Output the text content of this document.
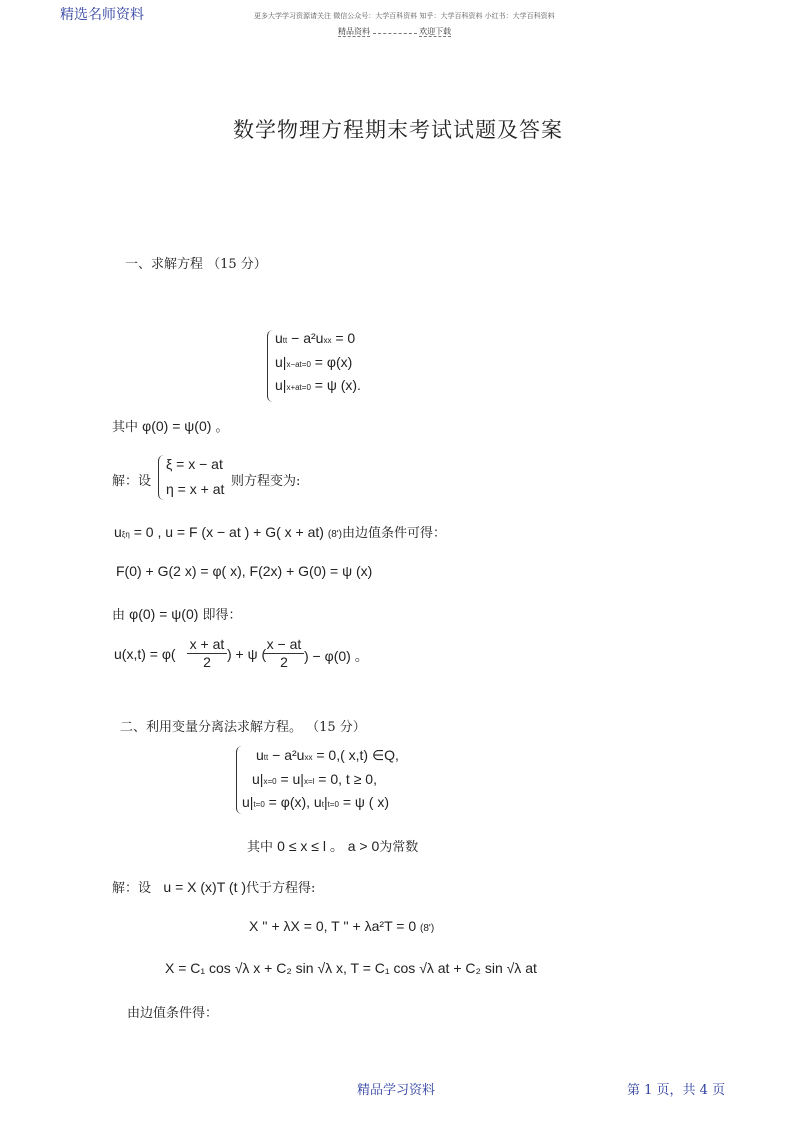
精选名师资料	更多大学学习资源请关注 微信公众号：大学百科资料 知乎：大学百科资料 小红书：大学百科资料
精品资料	欢迎下载
数学物理方程期末考试试题及答案
一、求解方程 （15 分）
utt − a²uxx = 0
u|x−at=0 = φ(x)
u|x+at=0 = ψ (x).
其中 φ(0) = ψ(0) 。
解：设
ξ = x − at
η = x + at 则方程变为:
uξη = 0 , u = F (x − at ) + G( x + at) (8')由边值条件可得：
F(0) + G(2 x) = φ( x), F(2x) + G(0) = ψ (x)
由 φ(0) = ψ(0) 即得：
$u(x,t) = \varphi( \frac{x + at}{2}$ ) + ψ (
$\frac{x - at}{2}$ ) − φ(0) 。
二、利用变量分离法求解方程。 （15 分）
utt − a²uxx = 0,( x,t) ∈Q,
u|x=0 = u|x=l = 0, t ≥ 0,
u|t=0 = φ(x), ut|t=0 = ψ ( x)
其中 0 ≤ x ≤ l 。 a > 0为常数
解：设 u = X (x)T (t )代于方程得:
X '' + λX = 0, T '' + λa²T = 0 (8')
X = C₁ cos √λ x + C₂ sin √λ x, T = C₁ cos √λ at + C₂ sin √λ at
由边值条件得：
精品学习资料	第 1 页，共 4 页
